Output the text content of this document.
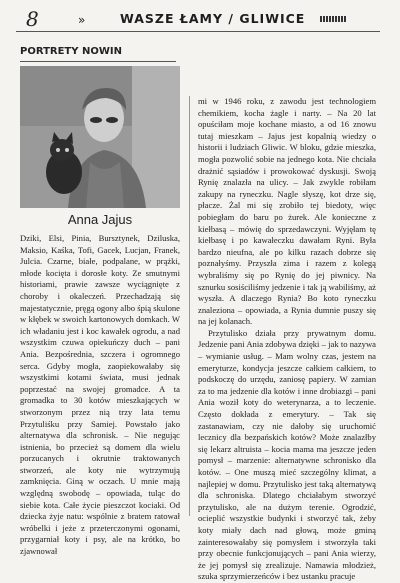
8	»	WASZE ŁAMY / GLIWICE
PORTRETY NOWIN
Anna Jajus

Dziki, Elsi, Pinia, Bursztynek, Dziluska, Maksio, Kaśka, Tofi, Gacek, Lucjan, Franek, Julcia. Czarne, białe, podpalane, w prążki, młode kocięta i dorosłe koty. Ze smutnymi historiami, prawie zawsze wyciągnięte z choroby i okaleczeń. Przechadzają się majestatycznie, pręgą ogony albo śpią skulone w kłębek w swoich kartonowych domkach. W ich władaniu jest i koc kawałek ogrodu, a nad wszystkim czuwa opiekuńczy duch – pani Ania. Bezpośrednia, szczera i ogromnego serca. Gdyby mogła, zaopiekowałaby się wszystkimi kotami świata, musi jednak poprzestać na swojej gromadce. A ta gromadka to 30 kotów mieszkających w stworzonym przez nią trzy lata temu Przytuliśku przy Samiej. Powstało jako alternatywa dla schronisk. – Nie negując istnienia, bo przecież są domem dla wielu porzucanych i okrutnie traktowanych stworzeń, ale koty nie wytrzymują zamknięcia. Giną w oczach. U mnie mają względną swobodę – opowiada, tuląc do siebie kota. Całe życie pieszczot kociaki. Od dziecka żyje natu: wspólnie z bratem ratował wróbelki i jeże z przeterczonymi ogonami, przygarniał koty i psy, ale na krótko, bo zjawnował

mi w 1946 roku, z zawodu jest technologiem chemikiem, kocha żagle i narty. – Na 20 lat opuściłam moje kochane miasto, a od 16 znowu tutaj mieszkam – Jajus jest kopalnią wiedzy o historii i ludziach Gliwic. W bloku, gdzie mieszka, mogła pozwolić sobie na jednego kota. Nie chciała drażnić sąsiadów i prowokować dyskusji. Swoją Rynię znalazła na ulicy. – Jak zwykle robiłam zakupy na ryneczku. Nagle słyszę, kot drze się, płacze. Żal mi się zrobiło tej biedoty, więc pobiegłam do baru po żurek. Ale konieczne z kiełbasą – mówię do sprzedawczyni. Wyjęłam tę kiełbasę i po kawałeczku dawałam Ryni. Była bardzo nieufna, ale po kilku razach dobrze się poznałyśmy. Przyszła zima i razem z kolegą wybraliśmy się po Rynię do jej piwnicy. Na sznurku sosiściliśmy jedzenie i tak ją wabiliśmy, aż wyszła. A dlaczego Rynia? Bo koto ryneczku znaleziona – opowiada, a Rynia dumnie puszy się na jej kolanach.

Przytulisko działa przy prywatnym domu. Jedzenie pani Ania zdobywa dzięki – jak to nazywa – wymianie usług. – Mam wolny czas, jestem na emeryturze, kondycja jeszcze całkiem całkiem, to podskoczę do urzędu, zaniosę papiery. W zamian za to ma jedzenie dla kotów i inne drobiazgi – pani Ania woził koty do weterynarza, a to leczenie. Często dokłada z emerytury. – Tak się zastanawiam, czy nie dałoby się uruchomić lecznicy dla bezpańskich kotów? Może znalazłby się lekarz altruista – kocia mama ma jeszcze jeden pomysł – marzenie: alternatywne schronisko dla kotów. – One muszą mieć szczególny klimat, a najlepiej w domu. Przytulisko jest taką alternatywą dla schroniska. Dlatego chciałabym stworzyć przytulisko, ale na dużym terenie. Ogrodzić, ocieplić wszystkie budynki i stworzyć tak, żeby koty miały dach nad głową, może gminą zainteresowałaby się pomysłem i stworzyła taki przy obecnie funkcjonujących – pani Ania wierzy, że jej pomysł się zrealizuje. Namawia młodzież, szuka sprzymierzeńców i bez ustanku pracuje
